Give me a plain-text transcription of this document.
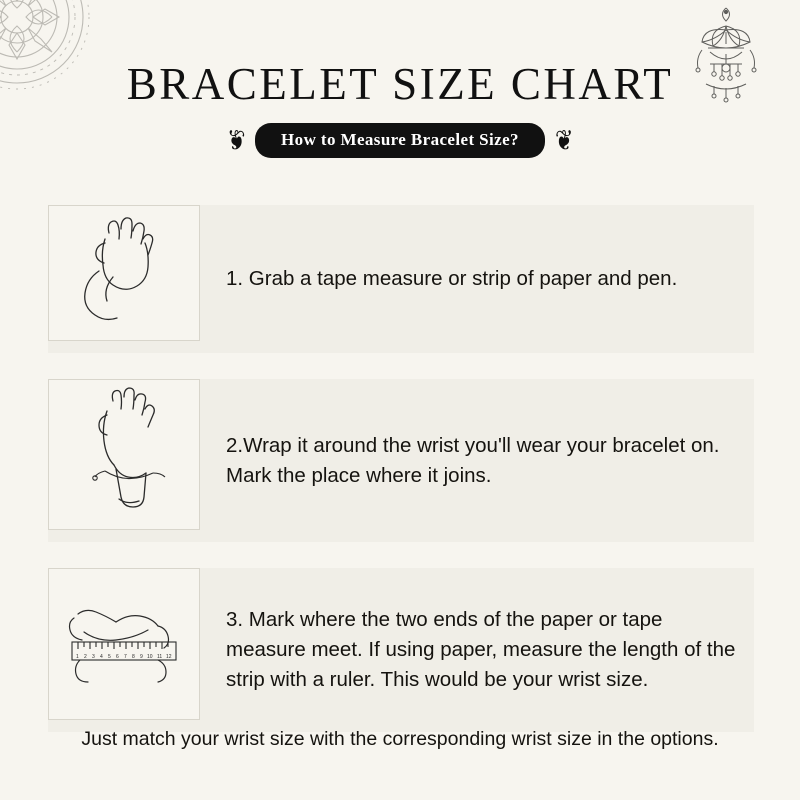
BRACELET SIZE CHART
❦	How to Measure Bracelet Size?	❦
1. Grab a tape measure or strip of paper and pen.
2.Wrap it around the wrist you'll wear your bracelet on. Mark the place where it joins.
1 2 3 4 5 6 7 8 9 10 11 12
3. Mark where the two ends of the paper or tape measure meet. If using paper, measure the length of the strip with a ruler. This would be your wrist size.
Just match your wrist size with the corresponding wrist size in the options.
